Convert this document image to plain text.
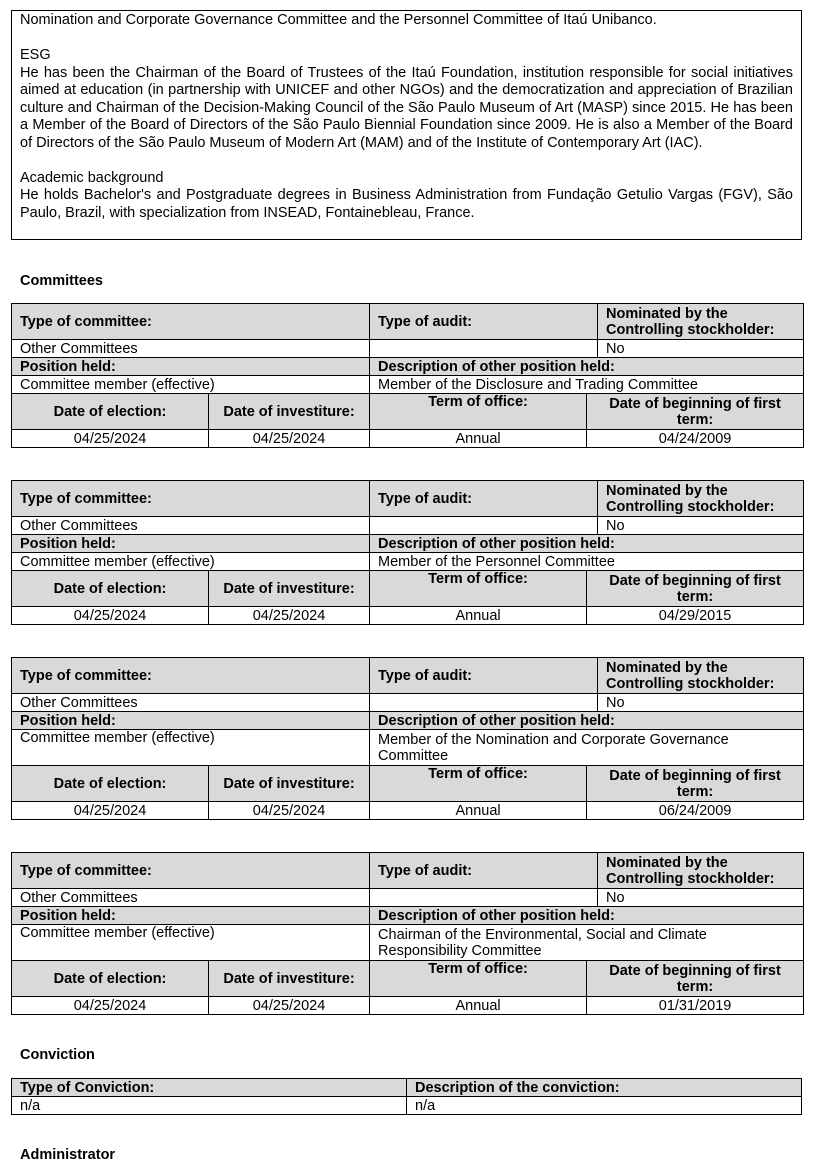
Nomination and Corporate Governance Committee and the Personnel Committee of Itaú Unibanco.

ESG

He has been the Chairman of the Board of Trustees of the Itaú Foundation, institution responsible for social initiatives aimed at education (in partnership with UNICEF and other NGOs) and the democratization and appreciation of Brazilian culture and Chairman of the Decision-Making Council of the São Paulo Museum of Art (MASP) since 2015. He has been a Member of the Board of Directors of the São Paulo Biennial Foundation since 2009. He is also a Member of the Board of Directors of the São Paulo Museum of Modern Art (MAM) and of the Institute of Contemporary Art (IAC).

Academic background

He holds Bachelor's and Postgraduate degrees in Business Administration from Fundação Getulio Vargas (FGV), São Paulo, Brazil, with specialization from INSEAD, Fontainebleau, France.

Committees
Type of committee:		Type of audit:		Nominated by the Controlling stockholder:
Other Committees				No
Position held:		Description of other position held:		
Committee member (effective)		Member of the Disclosure and Trading Committee		
Date of election:	Date of investiture:	Term of office:	Date of beginning of first term:	
04/25/2024	04/25/2024	Annual	04/24/2009	
Type of committee:		Type of audit:		Nominated by the Controlling stockholder:
Other Committees				No
Position held:		Description of other position held:		
Committee member (effective)		Member of the Personnel Committee		
Date of election:	Date of investiture:	Term of office:	Date of beginning of first term:	
04/25/2024	04/25/2024	Annual	04/29/2015	
Type of committee:		Type of audit:		Nominated by the Controlling stockholder:
Other Committees				No
Position held:		Description of other position held:		
Committee member (effective)		Member of the Nomination and Corporate Governance Committee		
Date of election:	Date of investiture:	Term of office:	Date of beginning of first term:	
04/25/2024	04/25/2024	Annual	06/24/2009	
Type of committee:		Type of audit:		Nominated by the Controlling stockholder:
Other Committees				No
Position held:		Description of other position held:		
Committee member (effective)		Chairman of the Environmental, Social and Climate Responsibility Committee		
Date of election:	Date of investiture:	Term of office:	Date of beginning of first term:	
04/25/2024	04/25/2024	Annual	01/31/2019	
Conviction
Type of Conviction:	Description of the conviction:
n/a	n/a
Administrator
